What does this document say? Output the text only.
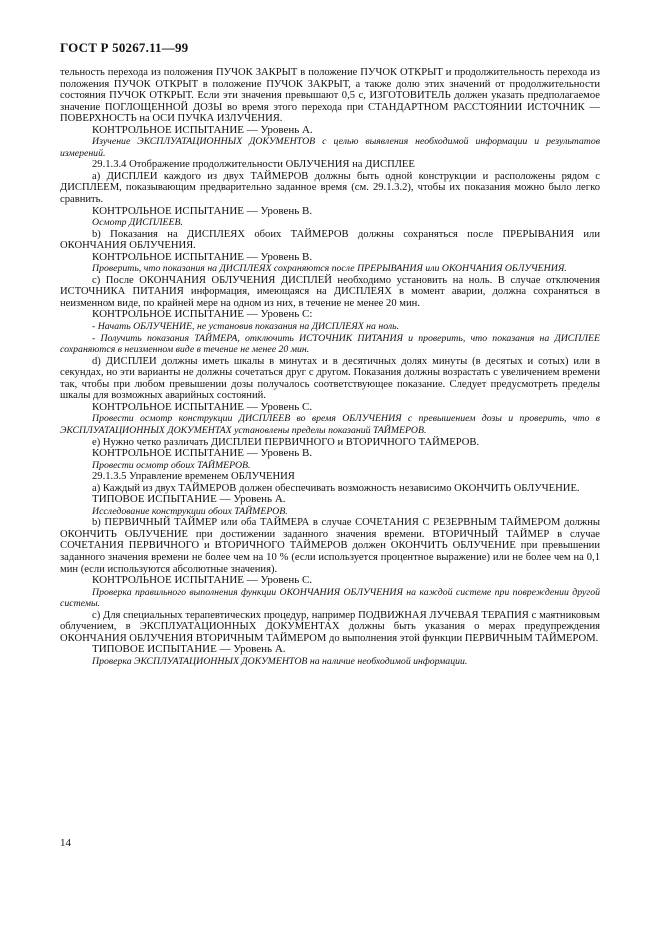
ГОСТ Р 50267.11—99

тельность перехода из положения ПУЧОК ЗАКРЫТ в положение ПУЧОК ОТКРЫТ и продолжительность перехода из положения ПУЧОК ОТКРЫТ в положение ПУЧОК ЗАКРЫТ, а также долю этих значений от продолжительности состояния ПУЧОК ОТКРЫТ. Если эти значения превышают 0,5 с, ИЗГОТОВИТЕЛЬ должен указать предполагаемое значение ПОГЛОЩЕННОЙ ДОЗЫ во время этого перехода при СТАНДАРТНОМ РАССТОЯНИИ ИСТОЧНИК — ПОВЕРХНОСТЬ на ОСИ ПУЧКА ИЗЛУЧЕНИЯ.

КОНТРОЛЬНОЕ ИСПЫТАНИЕ — Уровень А.

Изучение ЭКСПЛУАТАЦИОННЫХ ДОКУМЕНТОВ с целью выявления необходимой информации и результатов измерений.

29.1.3.4 Отображение продолжительности ОБЛУЧЕНИЯ на ДИСПЛЕЕ

a) ДИСПЛЕИ каждого из двух ТАЙМЕРОВ должны быть одной конструкции и расположены рядом с ДИСПЛЕЕМ, показывающим предварительно заданное время (см. 29.1.3.2), чтобы их показания можно было легко сравнить.

КОНТРОЛЬНОЕ ИСПЫТАНИЕ — Уровень В.

Осмотр ДИСПЛЕЕВ.

b) Показания на ДИСПЛЕЯХ обоих ТАЙМЕРОВ должны сохраняться после ПРЕРЫВАНИЯ или ОКОНЧАНИЯ ОБЛУЧЕНИЯ.

КОНТРОЛЬНОЕ ИСПЫТАНИЕ — Уровень В.

Проверить, что показания на ДИСПЛЕЯХ сохраняются после ПРЕРЫВАНИЯ или ОКОНЧАНИЯ ОБЛУЧЕНИЯ.

c) После ОКОНЧАНИЯ ОБЛУЧЕНИЯ ДИСПЛЕЙ необходимо установить на ноль. В случае отключения ИСТОЧНИКА ПИТАНИЯ информация, имеющаяся на ДИСПЛЕЯХ в момент аварии, должна сохраняться в неизменном виде, по крайней мере на одном из них, в течение не менее 20 мин.

КОНТРОЛЬНОЕ ИСПЫТАНИЕ — Уровень С:

- Начать ОБЛУЧЕНИЕ, не установив показания на ДИСПЛЕЯХ на ноль.

- Получить показания ТАЙМЕРА, отключить ИСТОЧНИК ПИТАНИЯ и проверить, что показания на ДИСПЛЕЕ сохраняются в неизменном виде в течение не менее 20 мин.

d) ДИСПЛЕИ должны иметь шкалы в минутах и в десятичных долях минуты (в десятых и сотых) или в секундах, но эти варианты не должны сочетаться друг с другом. Показания должны возрастать с увеличением времени так, чтобы при любом превышении дозы получалось соответствующее показание. Следует предусмотреть пределы шкалы для возможных аварийных состояний.

КОНТРОЛЬНОЕ ИСПЫТАНИЕ — Уровень С.

Провести осмотр конструкции ДИСПЛЕЕВ во время ОБЛУЧЕНИЯ с превышением дозы и проверить, что в ЭКСПЛУАТАЦИОННЫХ ДОКУМЕНТАХ установлены пределы показаний ТАЙМЕРОВ.

e) Нужно четко различать ДИСПЛЕИ ПЕРВИЧНОГО и ВТОРИЧНОГО ТАЙМЕРОВ.

КОНТРОЛЬНОЕ ИСПЫТАНИЕ — Уровень В.

Провести осмотр обоих ТАЙМЕРОВ.

29.1.3.5 Управление временем ОБЛУЧЕНИЯ

a) Каждый из двух ТАЙМЕРОВ должен обеспечивать возможность независимо ОКОНЧИТЬ ОБЛУЧЕНИЕ.

ТИПОВОЕ ИСПЫТАНИЕ — Уровень А.

Исследование конструкции обоих ТАЙМЕРОВ.

b) ПЕРВИЧНЫЙ ТАЙМЕР или оба ТАЙМЕРА в случае СОЧЕТАНИЯ С РЕЗЕРВНЫМ ТАЙМЕРОМ должны ОКОНЧИТЬ ОБЛУЧЕНИЕ при достижении заданного значения времени. ВТОРИЧНЫЙ ТАЙМЕР в случае СОЧЕТАНИЯ ПЕРВИЧНОГО и ВТОРИЧНОГО ТАЙМЕРОВ должен ОКОНЧИТЬ ОБЛУЧЕНИЕ при превышении заданного значения времени не более чем на 10 % (если используется процентное выражение) или не более чем на 0,1 мин (если используются абсолютные значения).

КОНТРОЛЬНОЕ ИСПЫТАНИЕ — Уровень С.

Проверка правильного выполнения функции ОКОНЧАНИЯ ОБЛУЧЕНИЯ на каждой системе при повреждении другой системы.

c) Для специальных терапевтических процедур, например ПОДВИЖНАЯ ЛУЧЕВАЯ ТЕРАПИЯ с маятниковым облучением, в ЭКСПЛУАТАЦИОННЫХ ДОКУМЕНТАХ должны быть указания о мерах предупреждения ОКОНЧАНИЯ ОБЛУЧЕНИЯ ВТОРИЧНЫМ ТАЙМЕРОМ до выполнения этой функции ПЕРВИЧНЫМ ТАЙМЕРОМ.

ТИПОВОЕ ИСПЫТАНИЕ — Уровень А.

Проверка ЭКСПЛУАТАЦИОННЫХ ДОКУМЕНТОВ на наличие необходимой информации.

14
